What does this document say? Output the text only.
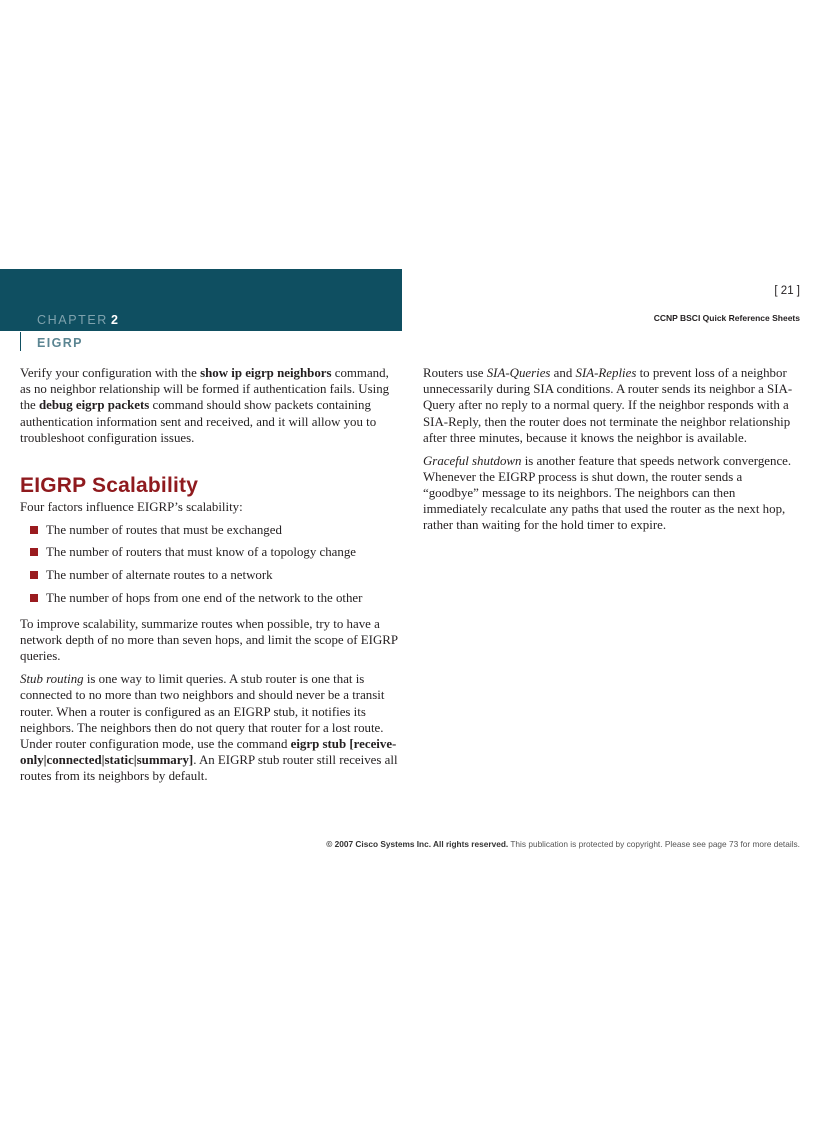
CHAPTER 2
EIGRP
[ 21 ]
CCNP BSCI Quick Reference Sheets

Verify your configuration with the show ip eigrp neighbors command, as no neighbor relationship will be formed if authentication fails. Using the debug eigrp packets command should show packets containing authentication information sent and received, and it will allow you to troubleshoot configuration issues.

EIGRP Scalability

Four factors influence EIGRP’s scalability:

The number of routes that must be exchanged
The number of routers that must know of a topology change
The number of alternate routes to a network
The number of hops from one end of the network to the other

To improve scalability, summarize routes when possible, try to have a network depth of no more than seven hops, and limit the scope of EIGRP queries.

Stub routing is one way to limit queries. A stub router is one that is connected to no more than two neighbors and should never be a transit router. When a router is configured as an EIGRP stub, it notifies its neighbors. The neighbors then do not query that router for a lost route. Under router configuration mode, use the command eigrp stub [receive-only|connected|static|summary]. An EIGRP stub router still receives all routes from its neighbors by default.

Routers use SIA-Queries and SIA-Replies to prevent loss of a neighbor unnecessarily during SIA conditions. A router sends its neighbor a SIA-Query after no reply to a normal query. If the neighbor responds with a SIA-Reply, then the router does not terminate the neighbor relationship after three minutes, because it knows the neighbor is available.

Graceful shutdown is another feature that speeds network convergence. Whenever the EIGRP process is shut down, the router sends a “goodbye” message to its neighbors. The neighbors can then immediately recalculate any paths that used the router as the next hop, rather than waiting for the hold timer to expire.

© 2007 Cisco Systems Inc. All rights reserved. This publication is protected by copyright. Please see page 73 for more details.
